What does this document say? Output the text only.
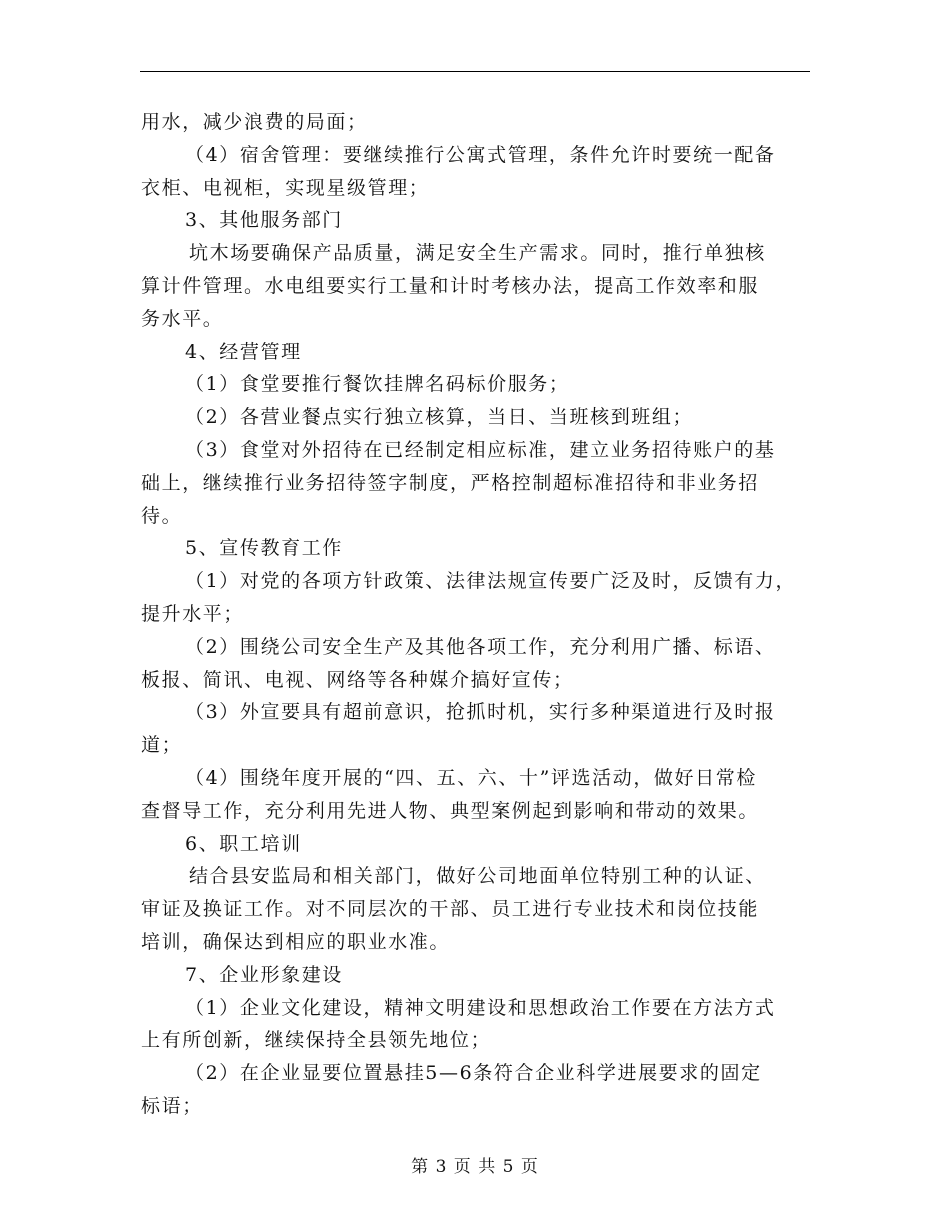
用水，减少浪费的局面；
（4）宿舍管理：要继续推行公寓式管理，条件允许时要统一配备
衣柜、电视柜，实现星级管理；
3、其他服务部门
坑木场要确保产品质量，满足安全生产需求。同时，推行单独核
算计件管理。水电组要实行工量和计时考核办法，提高工作效率和服
务水平。
4、经营管理
（1）食堂要推行餐饮挂牌名码标价服务；
（2）各营业餐点实行独立核算，当日、当班核到班组；
（3）食堂对外招待在已经制定相应标准，建立业务招待账户的基
础上，继续推行业务招待签字制度，严格控制超标准招待和非业务招
待。
5、宣传教育工作
（1）对党的各项方针政策、法律法规宣传要广泛及时，反馈有力，
提升水平；
（2）围绕公司安全生产及其他各项工作，充分利用广播、标语、
板报、简讯、电视、网络等各种媒介搞好宣传；
（3）外宣要具有超前意识，抢抓时机，实行多种渠道进行及时报
道；
（4）围绕年度开展的“四、五、六、十”评选活动，做好日常检
查督导工作，充分利用先进人物、典型案例起到影响和带动的效果。
6、职工培训
结合县安监局和相关部门，做好公司地面单位特别工种的认证、
审证及换证工作。对不同层次的干部、员工进行专业技术和岗位技能
培训，确保达到相应的职业水准。
7、企业形象建设
（1）企业文化建设，精神文明建设和思想政治工作要在方法方式
上有所创新，继续保持全县领先地位；
（2）在企业显要位置悬挂5—6条符合企业科学进展要求的固定
标语；
第 3 页 共 5 页
